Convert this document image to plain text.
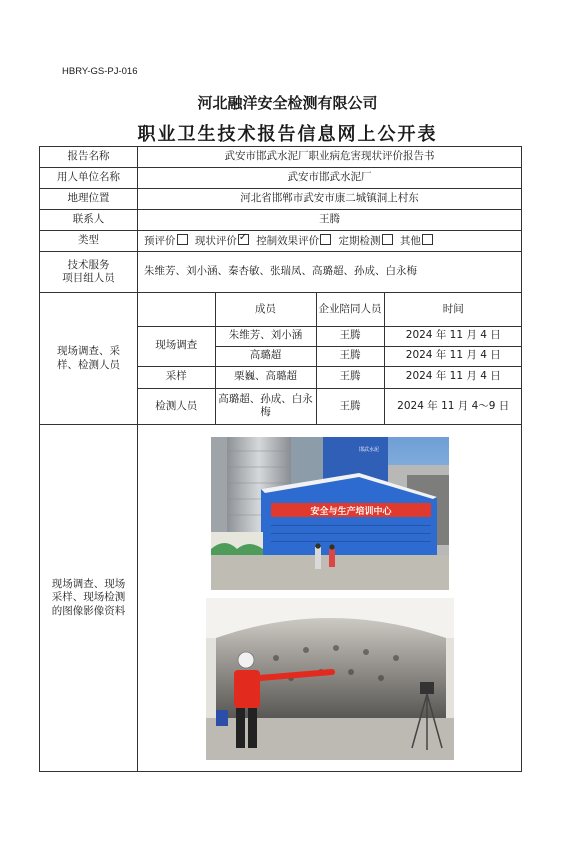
HBRY-GS-PJ-016
河北融洋安全检测有限公司
职业卫生技术报告信息网上公开表
报告名称	武安市邯武水泥厂职业病危害现状评价报告书
用人单位名称	武安市邯武水泥厂
地理位置	河北省邯郸市武安市康二城镇洞上村东
联系人	王腾
类型	预评价 现状评价✓ 控制效果评价 定期检测 其他

技术服务
项目组人员
	朱维芳、刘小涵、秦杏敏、张瑞凤、高璐超、孙成、白永梅
现场调查、采样、检测人员	
	成员	企业陪同人员	时间
现场调查	朱维芳、刘小涵	王腾	2024 年 11 月 4 日
高璐超	王腾	2024 年 11 月 4 日
采样	栗巍、高璐超	王腾	2024 年 11 月 4 日
检测人员	高璐超、孙成、白永梅	王腾	2024 年 11 月 4～9 日

现场调查、现场采样、现场检测的图像影像资料	
安全与生产培训中心
邯武水泥
